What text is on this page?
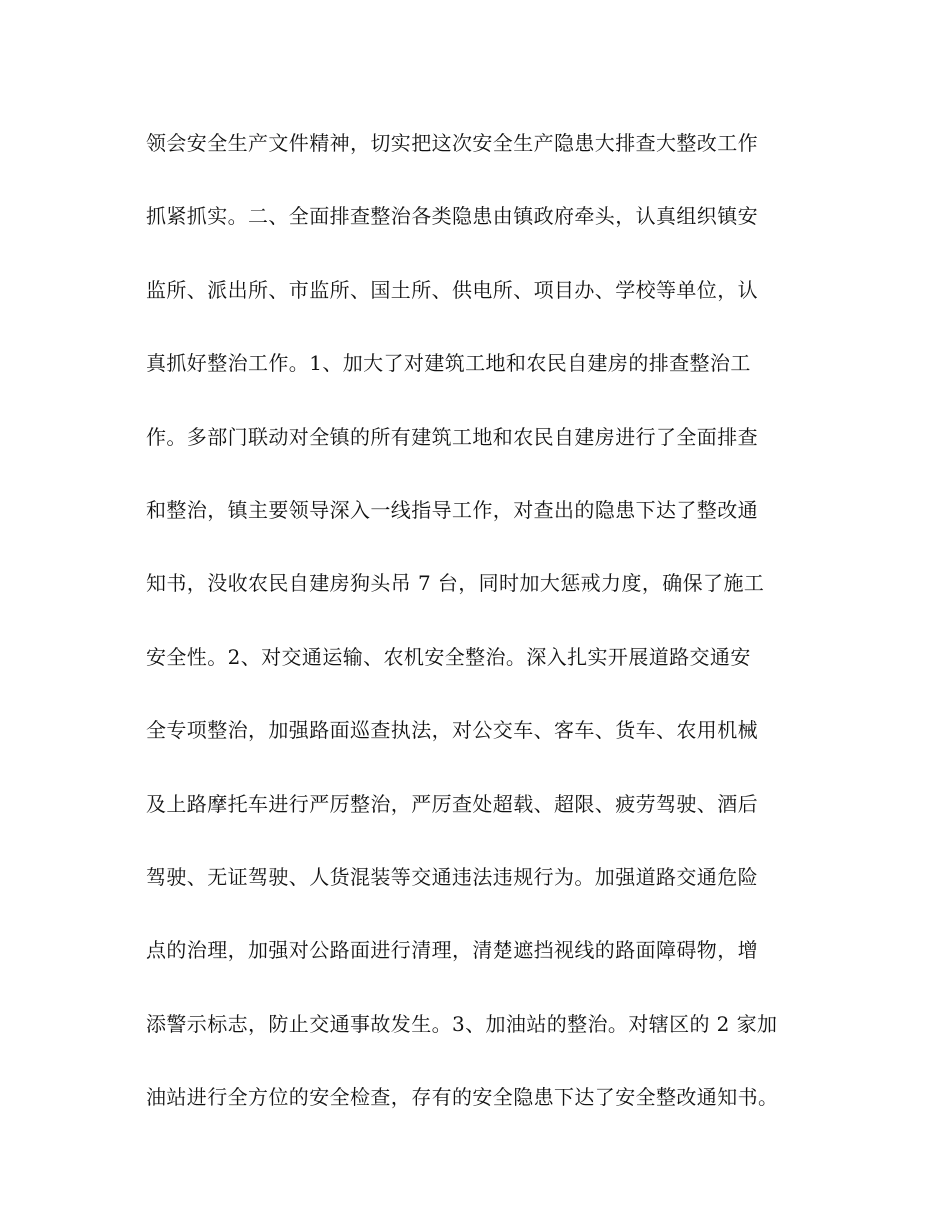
领会安全生产文件精神，切实把这次安全生产隐患大排查大整改工作
抓紧抓实。二、全面排查整治各类隐患由镇政府牵头，认真组织镇安
监所、派出所、市监所、国土所、供电所、项目办、学校等单位，认
真抓好整治工作。1、加大了对建筑工地和农民自建房的排查整治工
作。多部门联动对全镇的所有建筑工地和农民自建房进行了全面排查
和整治，镇主要领导深入一线指导工作，对查出的隐患下达了整改通
知书，没收农民自建房狗头吊 7 台，同时加大惩戒力度，确保了施工
安全性。2、对交通运输、农机安全整治。深入扎实开展道路交通安
全专项整治，加强路面巡查执法，对公交车、客车、货车、农用机械
及上路摩托车进行严厉整治，严厉查处超载、超限、疲劳驾驶、酒后
驾驶、无证驾驶、人货混装等交通违法违规行为。加强道路交通危险
点的治理，加强对公路面进行清理，清楚遮挡视线的路面障碍物，增
添警示标志，防止交通事故发生。3、加油站的整治。对辖区的 2 家加
油站进行全方位的安全检查，存有的安全隐患下达了安全整改通知书。
